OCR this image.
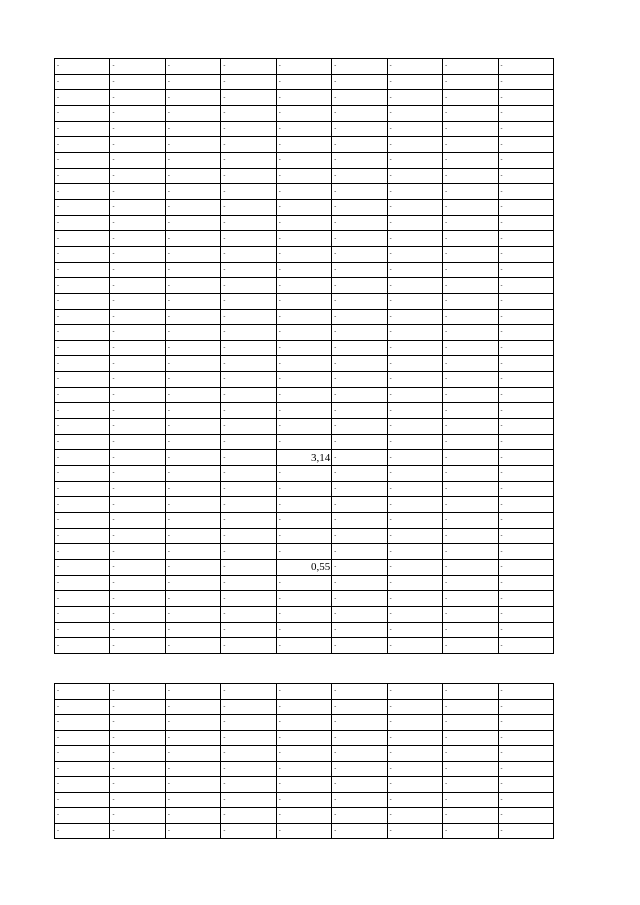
-	-	-	-	-	-	-	-	-
-	-	-	-	-	-	-	-	-
-	-	-	-	-	-	-	-	-
-	-	-	-	-	-	-	-	-
-	-	-	-	-	-	-	-	-
-	-	-	-	-	-	-	-	-
-	-	-	-	-	-	-	-	-
-	-	-	-	-	-	-	-	-
-	-	-	-	-	-	-	-	-
-	-	-	-	-	-	-	-	-
-	-	-	-	-	-	-	-	-
-	-	-	-	-	-	-	-	-
-	-	-	-	-	-	-	-	-
-	-	-	-	-	-	-	-	-
-	-	-	-	-	-	-	-	-
-	-	-	-	-	-	-	-	-
-	-	-	-	-	-	-	-	-
-	-	-	-	-	-	-	-	-
-	-	-	-	-	-	-	-	-
-	-	-	-	-	-	-	-	-
-	-	-	-	-	-	-	-	-
-	-	-	-	-	-	-	-	-
-	-	-	-	-	-	-	-	-
-	-	-	-	-	-	-	-	-
-	-	-	-	-	-	-	-	-
-	-	-	-	3,14	-	-	-	-
-	-	-	-	-	-	-	-	-
-	-	-	-	-	-	-	-	-
-	-	-	-	-	-	-	-	-
-	-	-	-	-	-	-	-	-
-	-	-	-	-	-	-	-	-
-	-	-	-	-	-	-	-	-
-	-	-	-	0,55	-	-	-	-
-	-	-	-	-	-	-	-	-
-	-	-	-	-	-	-	-	-
-	-	-	-	-	-	-	-	-
-	-	-	-	-	-	-	-	-
-	-	-	-	-	-	-	-	-
-	-	-	-	-	-	-	-	-
-	-	-	-	-	-	-	-	-
-	-	-	-	-	-	-	-	-
-	-	-	-	-	-	-	-	-
-	-	-	-	-	-	-	-	-
-	-	-	-	-	-	-	-	-
-	-	-	-	-	-	-	-	-
-	-	-	-	-	-	-	-	-
-	-	-	-	-	-	-	-	-
-	-	-	-	-	-	-	-	-
